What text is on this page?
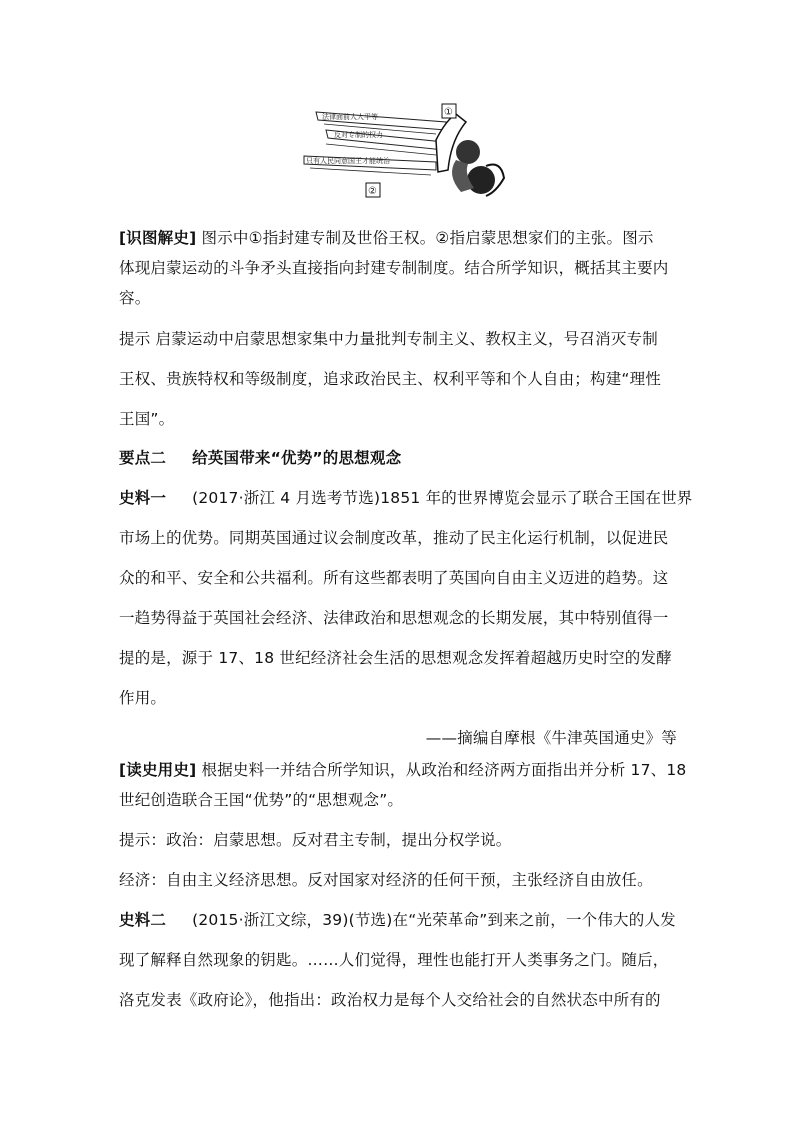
法律面前人人平等
反对专制的权力
只有人民同意国王才能统治
①
②
[识图解史] 图示中①指封建专制及世俗王权。②指启蒙思想家们的主张。图示
体现启蒙运动的斗争矛头直接指向封建专制制度。结合所学知识，概括其主要内
容。
提示 启蒙运动中启蒙思想家集中力量批判专制主义、教权主义，号召消灭专制
王权、贵族特权和等级制度，追求政治民主、权利平等和个人自由；构建“理性
王国”。
要点二 给英国带来“优势”的思想观念
史料一 (2017·浙江 4 月选考节选)1851 年的世界博览会显示了联合王国在世界
市场上的优势。同期英国通过议会制度改革，推动了民主化运行机制，以促进民
众的和平、安全和公共福利。所有这些都表明了英国向自由主义迈进的趋势。这
一趋势得益于英国社会经济、法律政治和思想观念的长期发展，其中特别值得一
提的是，源于 17、18 世纪经济社会生活的思想观念发挥着超越历史时空的发酵
作用。
——摘编自摩根《牛津英国通史》等
[读史用史] 根据史料一并结合所学知识，从政治和经济两方面指出并分析 17、18
世纪创造联合王国“优势”的“思想观念”。
提示：政治：启蒙思想。反对君主专制，提出分权学说。
经济：自由主义经济思想。反对国家对经济的任何干预，主张经济自由放任。
史料二 (2015·浙江文综，39)(节选)在“光荣革命”到来之前，一个伟大的人发
现了解释自然现象的钥匙。……人们觉得，理性也能打开人类事务之门。随后，
洛克发表《政府论》，他指出：政治权力是每个人交给社会的自然状态中所有的
